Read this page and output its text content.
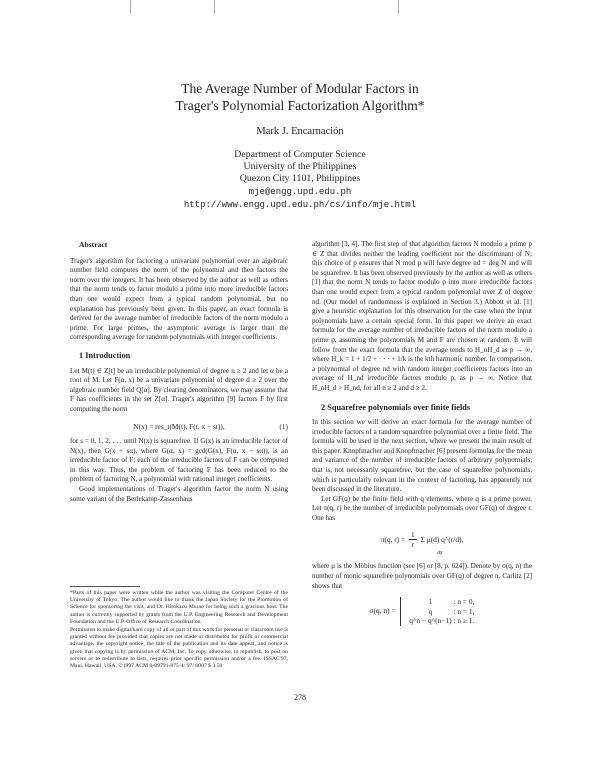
The Average Number of Modular Factors in
Trager's Polynomial Factorization Algorithm*
Mark J. Encarnación
Department of Computer Science
University of the Philippines
Quezon City 1101, Philippines
mje@engg.upd.edu.ph
http://www.engg.upd.edu.ph/cs/info/mje.html

Abstract

Trager's algorithm for factoring a univariate polynomial over an algebraic number field computes the norm of the polynomial and then factors the norm over the integers. It has been observed by the author as well as others that the norm tends to factor modulo a prime into more irreducible factors than one would expect from a typical random polynomial, but no explanation has previously been given. In this paper, an exact formula is derived for the average number of irreducible factors of the norm modulo a prime. For large primes, the asymptotic average is larger than the corresponding average for random polynomials with integer coefficients.

1 Introduction

Let M(t) ∈ Z[t] be an irreducible polynomial of degree n ≥ 2 and let α be a root of M. Let F(α, x) be a univariate polynomial of degree d ≥ 2 over the algebraic number field Q[α]. By clearing denominators, we may assume that F has coefficients in the set Z[α]. Trager's algorithm [9] factors F by first computing the norm

N(x) = res_t(M(t), F(t, x − st)),	(1)

for s = 0, 1, 2, . . . until N(x) is squarefree. If G(x) is an irreducible factor of N(x), then G(x + sα), where G(α, x) = gcd(G(x), F(α, x − sα)), is an irreducible factor of F; each of the irreducible factors of F can be computed in this way. Thus, the problem of factoring F has been reduced to the problem of factoring N, a polynomial with rational integer coefficients.

Good implementations of Trager's algorithm factor the norm N using some variant of the Berlekamp-Zassenhaus

*Parts of this paper were written while the author was visiting the Computer Centre of the University of Tokyo. The author would like to thank the Japan Society for the Promotion of Science for sponsoring the visit, and Dr. Hirokazu Murao for being such a gracious host. The author is currently supported by grants from the U.P. Engineering Research and Development Foundation and the U.P. Office of Research Coordination.

Permission to make digital/hard copy of all or part of this work for personal or classroom use is granted without fee provided that copies are not made or distributed for profit or commercial advantage, the copyright notice, the title of the publication and its date appear, and notice is given that copying is by permission of ACM, Inc. To copy otherwise, to republish, to post on servers or to redistribute to lists, requires prior specific permission and/or a fee. ISSAC'97, Maui, Hawaii, USA. ©1997 ACM 0-89791-875-4/ 97/ 0007 $ 3.50

algorithm [3, 4]. The first step of that algorithm factors N modulo a prime p ∈ Z that divides neither the leading coefficient nor the discriminant of N; this choice of p ensures that N mod p will have degree nd = deg N and will be squarefree. It has been observed previously by the author as well as others [1] that the norm N tends to factor modulo p into more irreducible factors than one would expect from a typical random polynomial over Z of degree nd. (Our model of randomness is explained in Section 3.) Abbott et al. [1] give a heuristic explanation for this observation for the case when the input polynomials have a certain special form. In this paper we derive an exact formula for the average number of irreducible factors of the norm modulo a prime p, assuming the polynomials M and F are chosen at random. It will follow from the exact formula that the average tends to H_nH_d as p → ∞, where H_k = 1 + 1/2 + · · · + 1/k is the kth harmonic number. In comparison, a polynomial of degree nd with random integer coefficients factors into an average of H_nd irreducible factors modulo p, as p → ∞. Notice that H_nH_d > H_nd, for all n ≥ 2 and d ≥ 2.

2 Squarefree polynomials over finite fields

In this section we will derive an exact formula for the average number of irreducible factors of a random squarefree polynomial over a finite field. The formula will be used in the next section, where we present the main result of this paper. Knopfmacher and Knopfmacher [6] present formulas for the mean and variance of the number of irreducible factors of arbitrary polynomials, that is, not necessarily squarefree, but the case of squarefree polynomials, which is particularly relevant in the context of factoring, has apparently not been discussed in the literature.

Let GF(q) be the finite field with q elements, where q is a prime power. Let π(q, r) be the number of irreducible polynomials over GF(q) of degree r. One has

π(q, $r) = \frac{1}{r}$ Σ μ(d) q^(r/d),
d|r

where μ is the Möbius function (see [6] or [8, p. 624]). Denote by σ(q, n) the number of monic squarefree polynomials over GF(q) of degree n. Carlitz [2] shows that

σ(q, n) =
1	: n = 0,
q	: n = 1,
q^n − q^(n−1) : n ≥ 1.
278
